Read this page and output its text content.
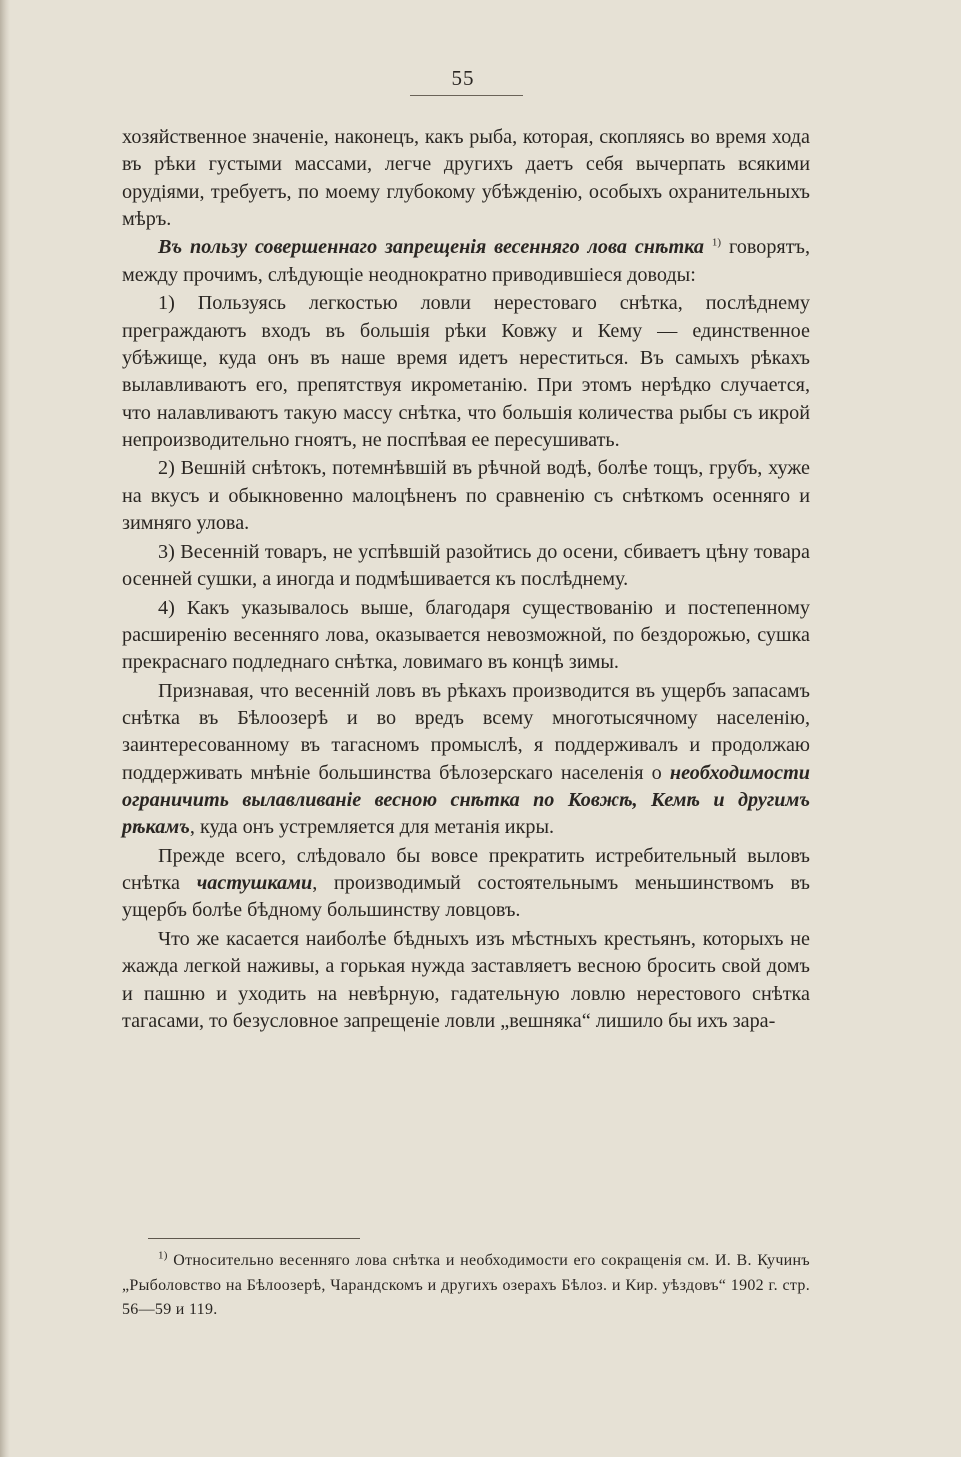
55

хозяйственное значеніе, наконецъ, какъ рыба, которая, скопляясь во время хода въ рѣки густыми массами, легче другихъ даетъ себя вычерпать всякими орудіями, требуетъ, по моему глубокому убѣжденію, особыхъ охранительныхъ мѣръ.

Въ пользу совершеннаго запрещенія весенняго лова снѣтка $^{1)}$ говорятъ, между прочимъ, слѣдующіе неоднократно приводившіеся доводы:

1) Пользуясь легкостью ловли нерестоваго снѣтка, послѣднему преграждаютъ входъ въ большія рѣки Ковжу и Кему — единственное убѣжище, куда онъ въ наше время идетъ нереститься. Въ самыхъ рѣкахъ вылавливаютъ его, препятствуя икрометанію. При этомъ нерѣдко случается, что налавливаютъ такую массу снѣтка, что большія количества рыбы съ икрой непроизводительно гноятъ, не поспѣвая ее пересушивать.

2) Вешній снѣтокъ, потемнѣвшій въ рѣчной водѣ, болѣе тощъ, грубъ, хуже на вкусъ и обыкновенно малоцѣненъ по сравненію съ снѣткомъ осенняго и зимняго улова.

3) Весенній товаръ, не успѣвшій разойтись до осени, сбиваетъ цѣну товара осенней сушки, а иногда и подмѣшивается къ послѣднему.

4) Какъ указывалось выше, благодаря существованію и постепенному расширенію весенняго лова, оказывается невозможной, по бездорожью, сушка прекраснаго подледнаго снѣтка, ловимаго въ концѣ зимы.

Признавая, что весенній ловъ въ рѣкахъ производится въ ущербъ запасамъ снѣтка въ Бѣлоозерѣ и во вредъ всему многотысячному населенію, заинтересованному въ тагасномъ промыслѣ, я поддерживалъ и продолжаю поддерживать мнѣніе большинства бѣлозерскаго населенія о необходимости ограничить вылавливаніе весною снѣтка по Ковжѣ, Кемѣ и другимъ рѣкамъ, куда онъ устремляется для метанія икры.

Прежде всего, слѣдовало бы вовсе прекратить истребительный выловъ снѣтка частушками, производимый состоятельнымъ меньшинствомъ въ ущербъ болѣе бѣдному большинству ловцовъ.

Что же касается наиболѣе бѣдныхъ изъ мѣстныхъ крестьянъ, которыхъ не жажда легкой наживы, а горькая нужда заставляетъ весною бросить свой домъ и пашню и уходить на невѣрную, гадательную ловлю нерестового снѣтка тагасами, то безусловное запрещеніе ловли „вешняка“ лишило бы ихъ зара-

$^{1)}$ Относительно весенняго лова снѣтка и необходимости его сокращенія см. И. В. Кучинъ „Рыболовство на Бѣлоозерѣ, Чарандскомъ и другихъ озерахъ Бѣлоз. и Кир. уѣздовъ“ 1902 г. стр. 56—59 и 119.
